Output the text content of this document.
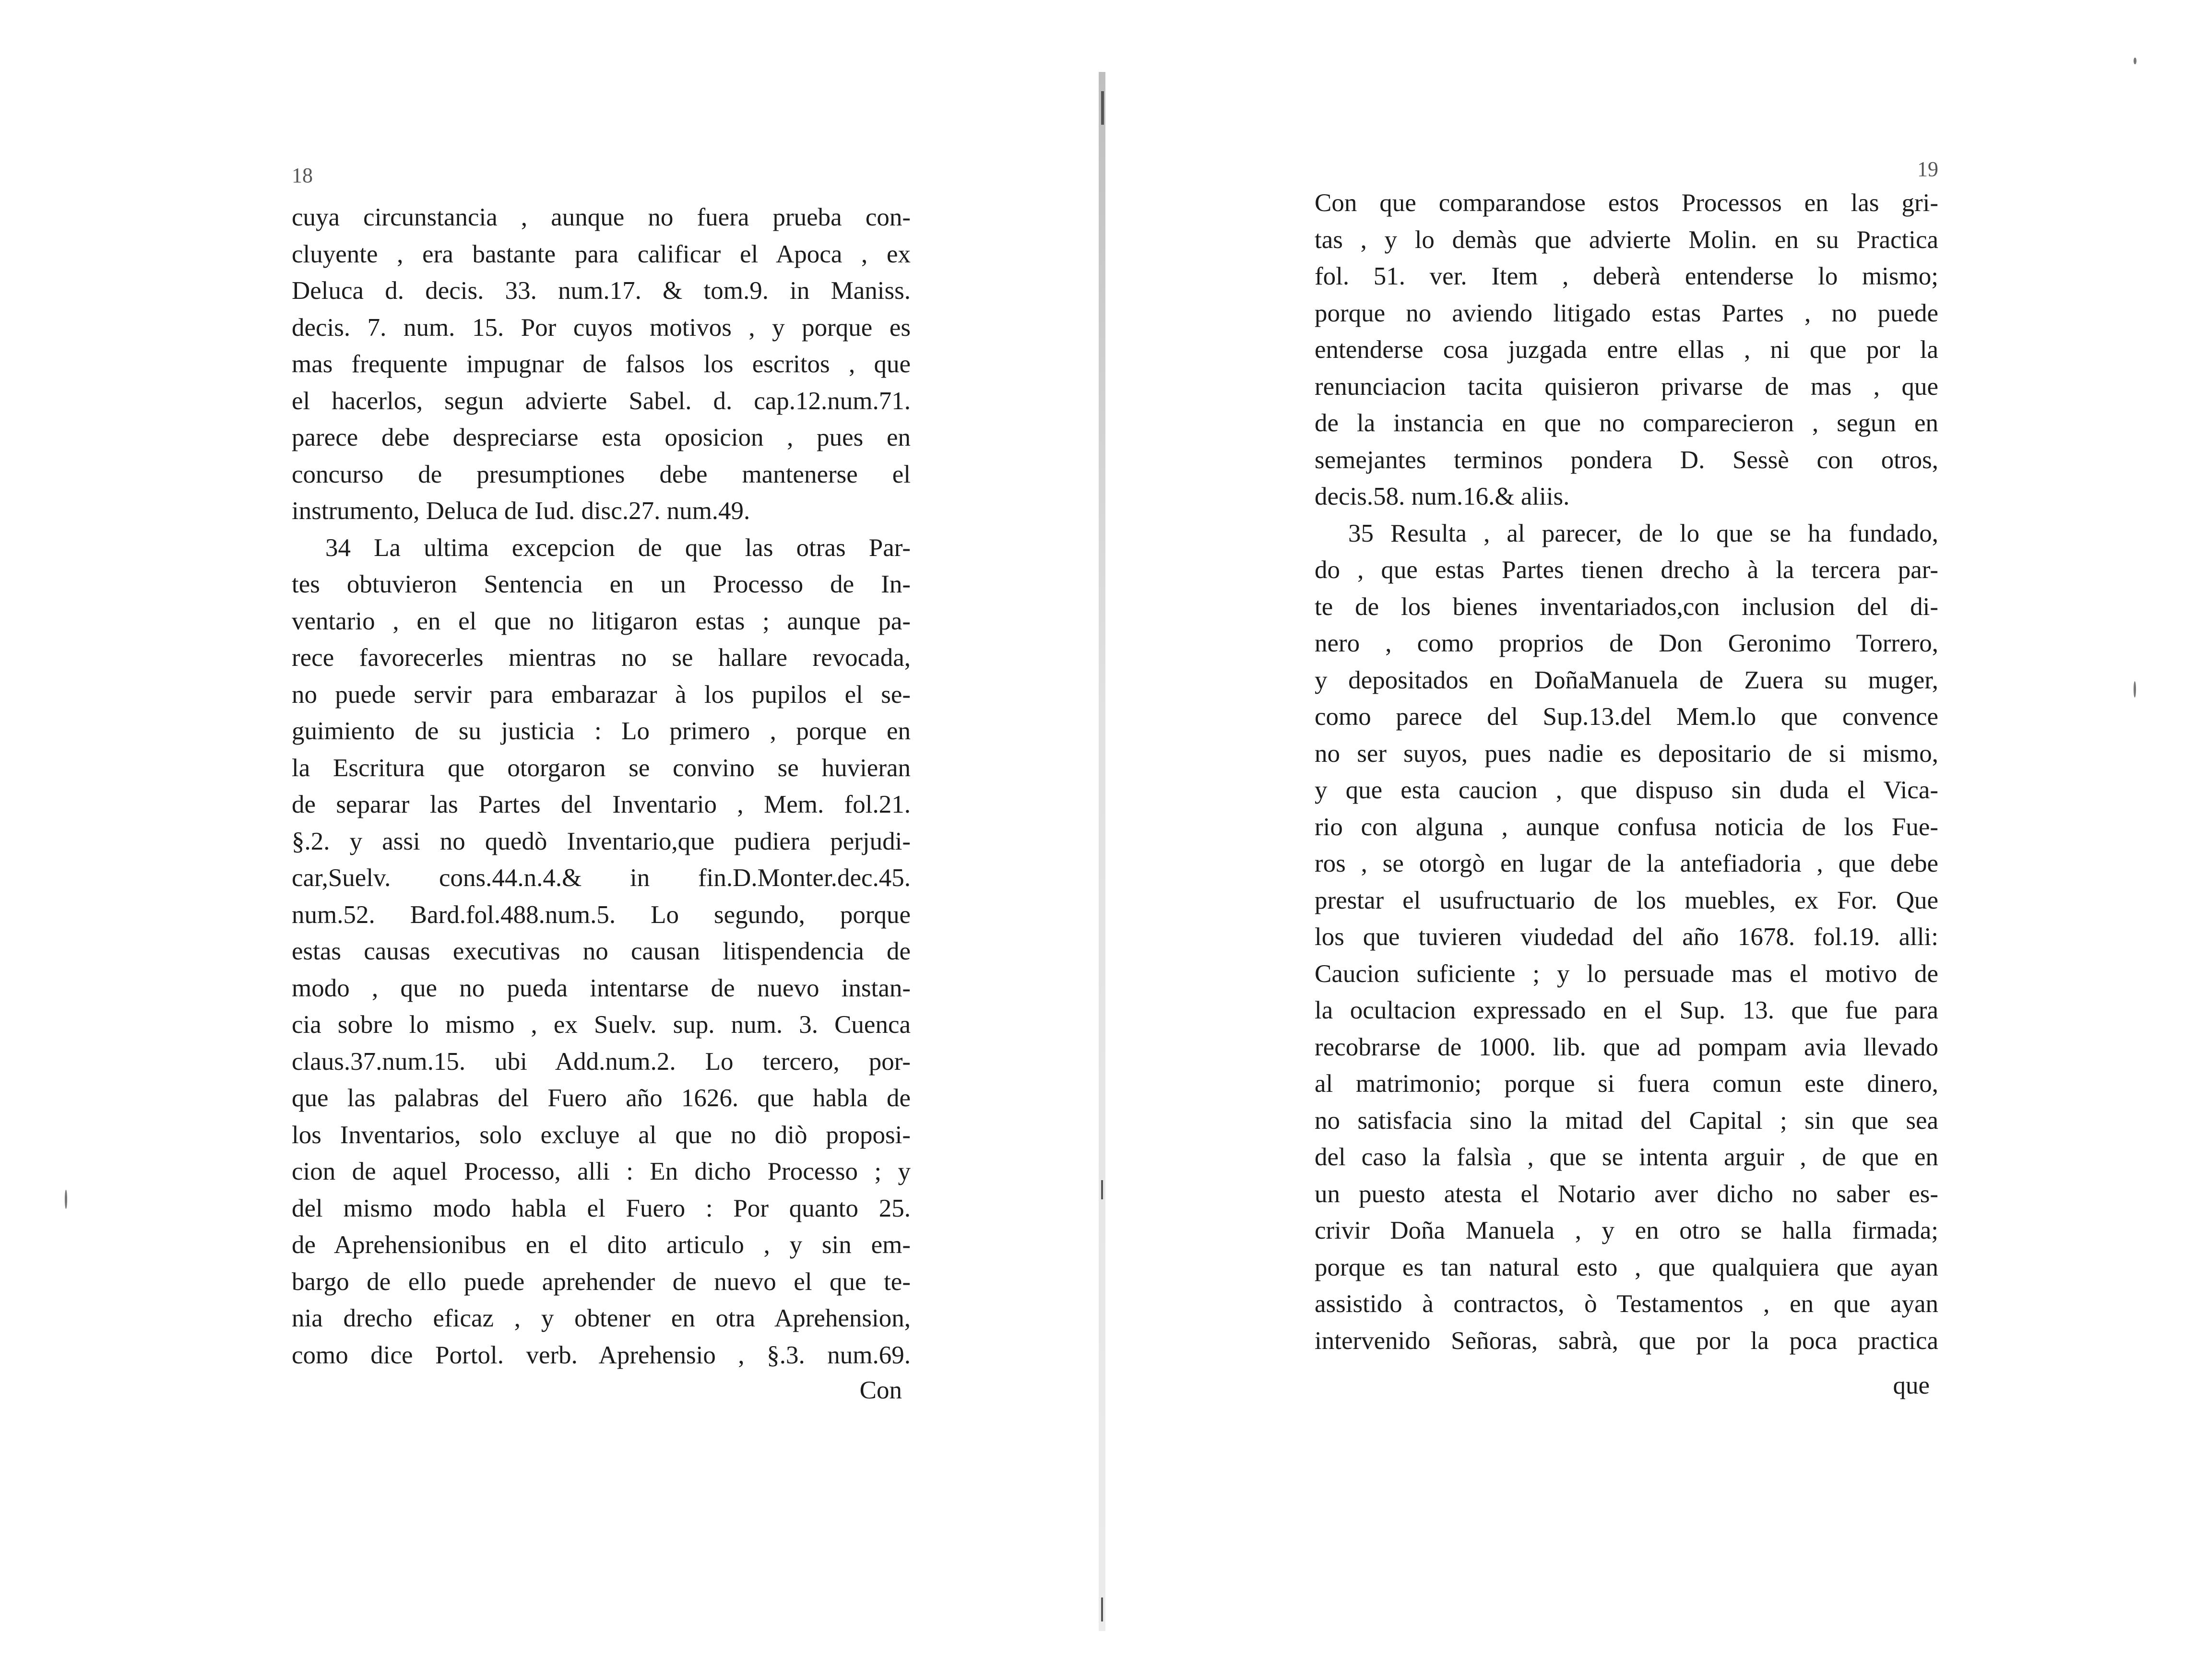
18
cuya circunstancia , aunque no fuera prueba con-
cluyente , era bastante para calificar el Apoca , ex
Deluca d. decis. 33. num.17. & tom.9. in Maniss.
decis. 7. num. 15. Por cuyos motivos , y porque es
mas frequente impugnar de falsos los escritos , que
el hacerlos, segun advierte Sabel. d. cap.12.num.71.
parece debe despreciarse esta oposicion , pues en
concurso de presumptiones debe mantenerse el
instrumento, Deluca de Iud. disc.27. num.49.
34 La ultima excepcion de que las otras Par-
tes obtuvieron Sentencia en un Processo de In-
ventario , en el que no litigaron estas ; aunque pa-
rece favorecerles mientras no se hallare revocada,
no puede servir para embarazar à los pupilos el se-
guimiento de su justicia : Lo primero , porque en
la Escritura que otorgaron se convino se huvieran
de separar las Partes del Inventario , Mem. fol.21.
§.2. y assi no quedò Inventario,que pudiera perjudi-
car,Suelv. cons.44.n.4.& in fin.D.Monter.dec.45.
num.52. Bard.fol.488.num.5. Lo segundo, porque
estas causas executivas no causan litispendencia de
modo , que no pueda intentarse de nuevo instan-
cia sobre lo mismo , ex Suelv. sup. num. 3. Cuenca
claus.37.num.15. ubi Add.num.2. Lo tercero, por-
que las palabras del Fuero año 1626. que habla de
los Inventarios, solo excluye al que no diò proposi-
cion de aquel Processo, alli : En dicho Processo ; y
del mismo modo habla el Fuero : Por quanto 25.
de Aprehensionibus en el dito articulo , y sin em-
bargo de ello puede aprehender de nuevo el que te-
nia drecho eficaz , y obtener en otra Aprehension,
como dice Portol. verb. Aprehensio , §.3. num.69.
Con
19
Con que comparandose estos Processos en las gri-
tas , y lo demàs que advierte Molin. en su Practica
fol. 51. ver. Item , deberà entenderse lo mismo;
porque no aviendo litigado estas Partes , no puede
entenderse cosa juzgada entre ellas , ni que por la
renunciacion tacita quisieron privarse de mas , que
de la instancia en que no comparecieron , segun en
semejantes terminos pondera D. Sessè con otros,
decis.58. num.16.& aliis.
35 Resulta , al parecer, de lo que se ha fundado,
do , que estas Partes tienen drecho à la tercera par-
te de los bienes inventariados,con inclusion del di-
nero , como proprios de Don Geronimo Torrero,
y depositados en DoñaManuela de Zuera su muger,
como parece del Sup.13.del Mem.lo que convence
no ser suyos, pues nadie es depositario de si mismo,
y que esta caucion , que dispuso sin duda el Vica-
rio con alguna , aunque confusa noticia de los Fue-
ros , se otorgò en lugar de la antefiadoria , que debe
prestar el usufructuario de los muebles, ex For. Que
los que tuvieren viudedad del año 1678. fol.19. alli:
Caucion suficiente ; y lo persuade mas el motivo de
la ocultacion expressado en el Sup. 13. que fue para
recobrarse de 1000. lib. que ad pompam avia llevado
al matrimonio; porque si fuera comun este dinero,
no satisfacia sino la mitad del Capital ; sin que sea
del caso la falsìa , que se intenta arguir , de que en
un puesto atesta el Notario aver dicho no saber es-
crivir Doña Manuela , y en otro se halla firmada;
porque es tan natural esto , que qualquiera que ayan
assistido à contractos, ò Testamentos , en que ayan
intervenido Señoras, sabrà, que por la poca practica
que
